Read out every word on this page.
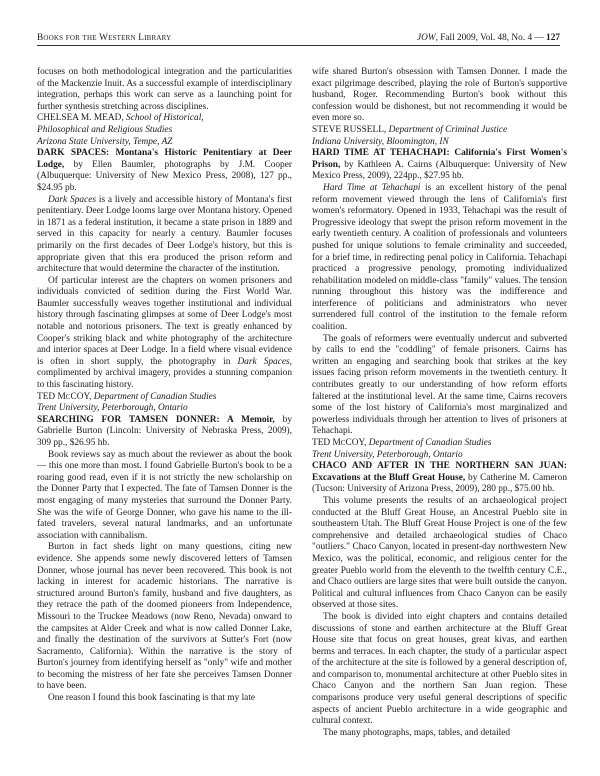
Books for the Western Library	JOW, Fall 2009, Vol. 48, No. 4 — 127

focuses on both methodological integration and the particularities of the Mackenzie Inuit. As a successful example of interdisciplinary integration, perhaps this work can serve as a launching point for further synthesis stretching across disciplines.

CHELSEA M. MEAD, School of Historical,

Philosophical and Religious Studies

Arizona State University, Tempe, AZ

DARK SPACES: Montana's Historic Penitentiary at Deer Lodge, by Ellen Baumler, photographs by J.M. Cooper (Albuquerque: University of New Mexico Press, 2008), 127 pp., $24.95 pb.

Dark Spaces is a lively and accessible history of Montana's first penitentiary. Deer Lodge looms large over Montana history. Opened in 1871 as a federal institution, it became a state prison in 1889 and served in this capacity for nearly a century. Baumler focuses primarily on the first decades of Deer Lodge's history, but this is appropriate given that this era produced the prison reform and architecture that would determine the character of the institution.

Of particular interest are the chapters on women prisoners and individuals convicted of sedition during the First World War. Baumler successfully weaves together institutional and individual history through fascinating glimpses at some of Deer Lodge's most notable and notorious prisoners. The text is greatly enhanced by Cooper's striking black and white photography of the architecture and interior spaces at Deer Lodge. In a field where visual evidence is often in short supply, the photography in Dark Spaces, complimented by archival imagery, provides a stunning companion to this fascinating history.

TED McCOY, Department of Canadian Studies

Trent University, Peterborough, Ontario

SEARCHING FOR TAMSEN DONNER: A Memoir, by Gabrielle Burton (Lincoln: University of Nebraska Press, 2009), 309 pp., $26.95 hb.

Book reviews say as much about the reviewer as about the book — this one more than most. I found Gabrielle Burton's book to be a roaring good read, even if it is not strictly the new scholarship on the Donner Party that I expected. The fate of Tamsen Donner is the most engaging of many mysteries that surround the Donner Party. She was the wife of George Donner, who gave his name to the ill-fated travelers, several natural landmarks, and an unfortunate association with cannibalism.

Burton in fact sheds light on many questions, citing new evidence. She appends some newly discovered letters of Tamsen Donner, whose journal has never been recovered. This book is not lacking in interest for academic historians. The narrative is structured around Burton's family, husband and five daughters, as they retrace the path of the doomed pioneers from Independence, Missouri to the Truckee Meadows (now Reno, Nevada) onward to the campsites at Alder Creek and what is now called Donner Lake, and finally the destination of the survivors at Sutter's Fort (now Sacramento, California). Within the narrative is the story of Burton's journey from identifying herself as "only" wife and mother to becoming the mistress of her fate she perceives Tamsen Donner to have been.

One reason I found this book fascinating is that my late

wife shared Burton's obsession with Tamsen Donner. I made the exact pilgrimage described, playing the role of Burton's supportive husband, Roger. Recommending Burton's book without this confession would be dishonest, but not recommending it would be even more so.

STEVE RUSSELL, Department of Criminal Justice

Indiana University, Bloomington, IN

HARD TIME AT TEHACHAPI: California's First Women's Prison, by Kathleen A. Cairns (Albuquerque: University of New Mexico Press, 2009), 224pp., $27.95 hb.

Hard Time at Tehachapi is an excellent history of the penal reform movement viewed through the lens of California's first women's reformatory. Opened in 1933, Tehachapi was the result of Progressive ideology that swept the prison reform movement in the early twentieth century. A coalition of professionals and volunteers pushed for unique solutions to female criminality and succeeded, for a brief time, in redirecting penal policy in California. Tehachapi practiced a progressive penology, promoting individualized rehabilitation modeled on middle-class "family" values. The tension running throughout this history was the indifference and interference of politicians and administrators who never surrendered full control of the institution to the female reform coalition.

The goals of reformers were eventually undercut and subverted by calls to end the "coddling" of female prisoners. Cairns has written an engaging and searching book that strikes at the key issues facing prison reform movements in the twentieth century. It contributes greatly to our understanding of how reform efforts faltered at the institutional level. At the same time, Cairns recovers some of the lost history of California's most marginalized and powerless individuals through her attention to lives of prisoners at Tehachapi.

TED McCOY, Department of Canadian Studies

Trent University, Peterborough, Ontario

CHACO AND AFTER IN THE NORTHERN SAN JUAN: Excavations at the Bluff Great House, by Catherine M. Cameron (Tucson: University of Arizona Press, 2009), 280 pp., $75.00 hb.

This volume presents the results of an archaeological project conducted at the Bluff Great House, an Ancestral Pueblo site in southeastern Utah. The Bluff Great House Project is one of the few comprehensive and detailed archaeological studies of Chaco "outliers." Chaco Canyon, located in present-day northwestern New Mexico, was the political, economic, and religious center for the greater Pueblo world from the eleventh to the twelfth century C.E., and Chaco outliers are large sites that were built outside the canyon. Political and cultural influences from Chaco Canyon can be easily observed at those sites.

The book is divided into eight chapters and contains detailed discussions of stone and earthen architecture at the Bluff Great House site that focus on great houses, great kivas, and earthen berms and terraces. In each chapter, the study of a particular aspect of the architecture at the site is followed by a general description of, and comparison to, monumental architecture at other Pueblo sites in Chaco Canyon and the northern San Juan region. These comparisons produce very useful general descriptions of specific aspects of ancient Pueblo architecture in a wide geographic and cultural context.

The many photographs, maps, tables, and detailed
